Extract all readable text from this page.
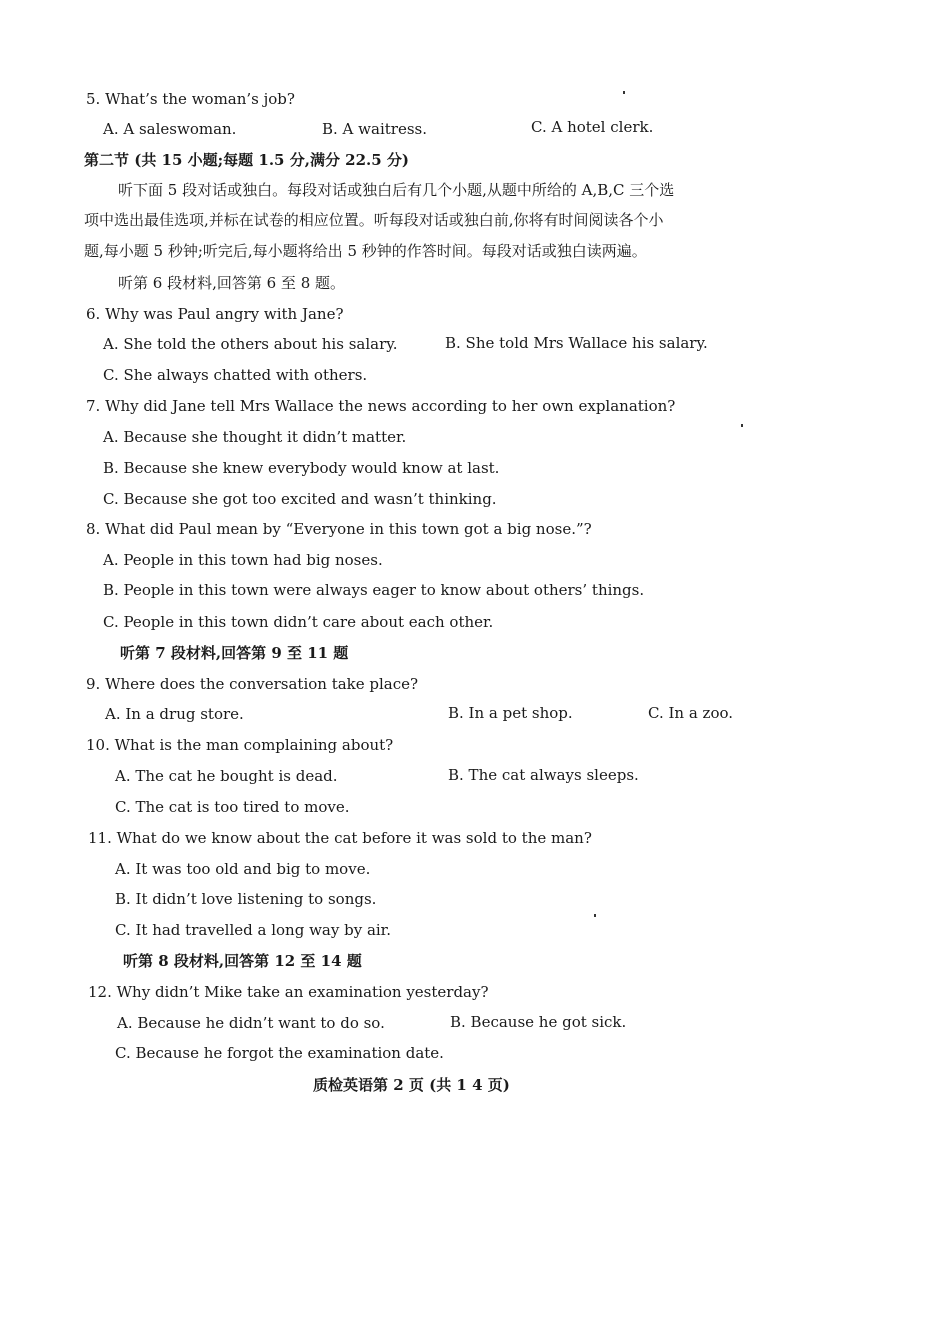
5. What’s the woman’s job?
A. A saleswoman.	B. A waitress.	C. A hotel clerk.
第二节 (共 15 小题;每题 1.5 分,满分 22.5 分)
听下面 5 段对话或独白。每段对话或独白后有几个小题,从题中所给的 A,B,C 三个选
项中选出最佳选项,并标在试卷的相应位置。听每段对话或独白前,你将有时间阅读各个小
题,每小题 5 秒钟;听完后,每小题将给出 5 秒钟的作答时间。每段对话或独白读两遍。
听第 6 段材料,回答第 6 至 8 题。
6. Why was Paul angry with Jane?
A. She told the others about his salary.	B. She told Mrs Wallace his salary.
C. She always chatted with others.
7. Why did Jane tell Mrs Wallace the news according to her own explanation?
A. Because she thought it didn’t matter.
B. Because she knew everybody would know at last.
C. Because she got too excited and wasn’t thinking.
8. What did Paul mean by “Everyone in this town got a big nose.”?
A. People in this town had big noses.
B. People in this town were always eager to know about others’ things.
C. People in this town didn’t care about each other.
听第 7 段材料,回答第 9 至 11 题
9. Where does the conversation take place?
A. In a drug store.	B. In a pet shop.	C. In a zoo.
10. What is the man complaining about?
A. The cat he bought is dead.	B. The cat always sleeps.
C. The cat is too tired to move.
11. What do we know about the cat before it was sold to the man?
A. It was too old and big to move.
B. It didn’t love listening to songs.
C. It had travelled a long way by air.
听第 8 段材料,回答第 12 至 14 题
12. Why didn’t Mike take an examination yesterday?
A. Because he didn’t want to do so.	B. Because he got sick.
C. Because he forgot the examination date.
质检英语第 2 页 (共 1 4 页)
